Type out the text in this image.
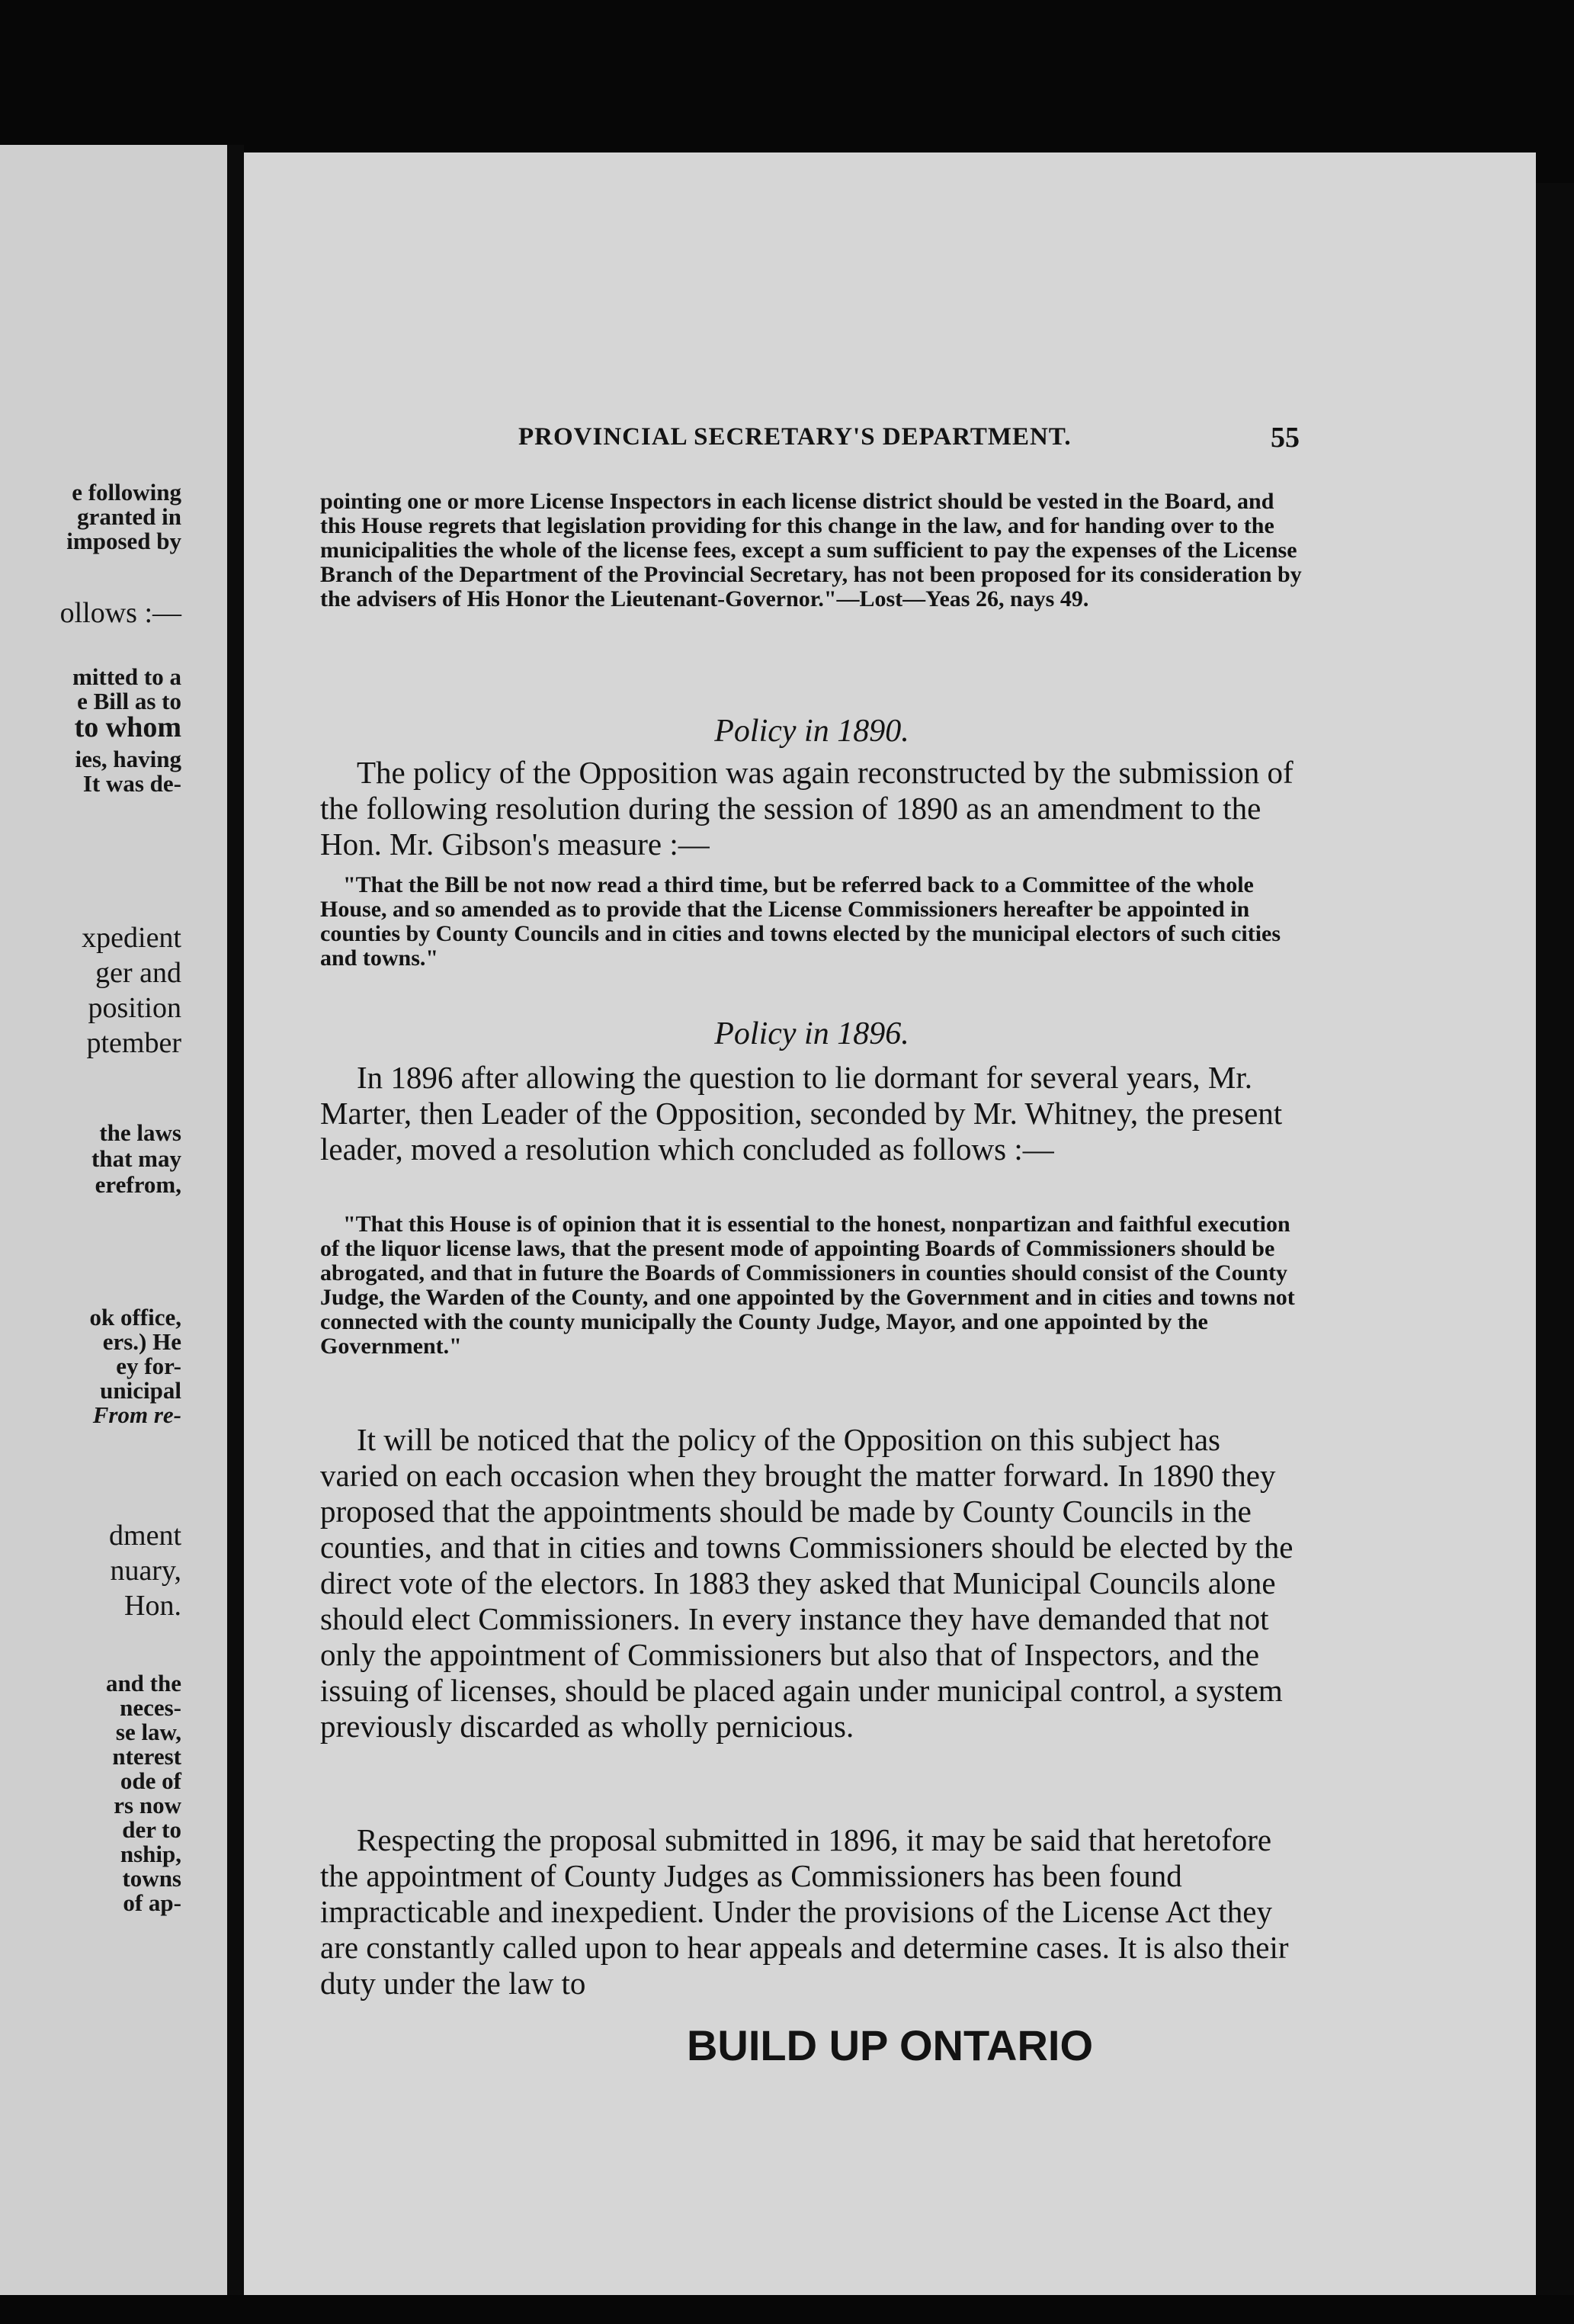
e following
granted in
imposed by
ollows :—
mitted to a
e Bill as to
to whom
ies, having
It was de-
xpedient
ger and
position
ptember
the laws
that may
erefrom,
ok office,
ers.) He
ey for-
unicipal
From re-
dment
nuary,
Hon.
and the
neces-
se law,
nterest
ode of
rs now
der to
nship,
towns
of ap-
PROVINCIAL SECRETARY'S DEPARTMENT.	55

pointing one or more License Inspectors in each license district should be vested in the Board, and this House regrets that legislation providing for this change in the law, and for handing over to the municipalities the whole of the license fees, except a sum sufficient to pay the expenses of the License Branch of the Department of the Provincial Secretary, has not been proposed for its consideration by the advisers of His Honor the Lieutenant-Governor."—Lost—Yeas 26, nays 49.

Policy in 1890.

The policy of the Opposition was again reconstructed by the submission of the following resolution during the session of 1890 as an amendment to the Hon. Mr. Gibson's measure :—

"That the Bill be not now read a third time, but be referred back to a Committee of the whole House, and so amended as to provide that the License Commissioners hereafter be appointed in counties by County Councils and in cities and towns elected by the municipal electors of such cities and towns."

Policy in 1896.

In 1896 after allowing the question to lie dormant for several years, Mr. Marter, then Leader of the Opposition, seconded by Mr. Whitney, the present leader, moved a resolution which concluded as follows :—

"That this House is of opinion that it is essential to the honest, nonpartizan and faithful execution of the liquor license laws, that the present mode of appointing Boards of Commissioners should be abrogated, and that in future the Boards of Commissioners in counties should consist of the County Judge, the Warden of the County, and one appointed by the Government and in cities and towns not connected with the county municipally the County Judge, Mayor, and one appointed by the Government."

It will be noticed that the policy of the Opposition on this subject has varied on each occasion when they brought the matter forward. In 1890 they proposed that the appointments should be made by County Councils in the counties, and that in cities and towns Commissioners should be elected by the direct vote of the electors. In 1883 they asked that Municipal Councils alone should elect Commissioners. In every instance they have demanded that not only the appointment of Commissioners but also that of Inspectors, and the issuing of licenses, should be placed again under municipal control, a system previously discarded as wholly pernicious.

Respecting the proposal submitted in 1896, it may be said that heretofore the appointment of County Judges as Commissioners has been found impracticable and inexpedient. Under the provisions of the License Act they are constantly called upon to hear appeals and determine cases. It is also their duty under the law to

BUILD UP ONTARIO
